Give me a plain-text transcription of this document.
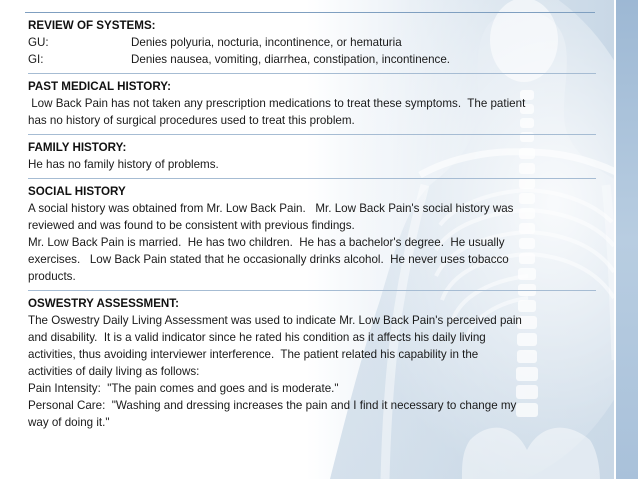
REVIEW OF SYSTEMS:
GU:	Denies polyuria, nocturia, incontinence, or hematuria
GI:	Denies nausea, vomiting, diarrhea, constipation, incontinence.
PAST MEDICAL HISTORY:
Low Back Pain has not taken any prescription medications to treat these symptoms.  The patient
has no history of surgical procedures used to treat this problem.
FAMILY HISTORY:
He has no family history of problems.
SOCIAL HISTORY
A social history was obtained from Mr. Low Back Pain.   Mr. Low Back Pain's social history was
reviewed and was found to be consistent with previous findings.
Mr. Low Back Pain is married.  He has two children.  He has a bachelor's degree.  He usually
exercises.   Low Back Pain stated that he occasionally drinks alcohol.  He never uses tobacco
products.
OSWESTRY ASSESSMENT:
The Oswestry Daily Living Assessment was used to indicate Mr. Low Back Pain's perceived pain
and disability.  It is a valid indicator since he rated his condition as it affects his daily living
activities, thus avoiding interviewer interference.  The patient related his capability in the
activities of daily living as follows:
Pain Intensity:  "The pain comes and goes and is moderate."
Personal Care:  "Washing and dressing increases the pain and I find it necessary to change my
way of doing it."
